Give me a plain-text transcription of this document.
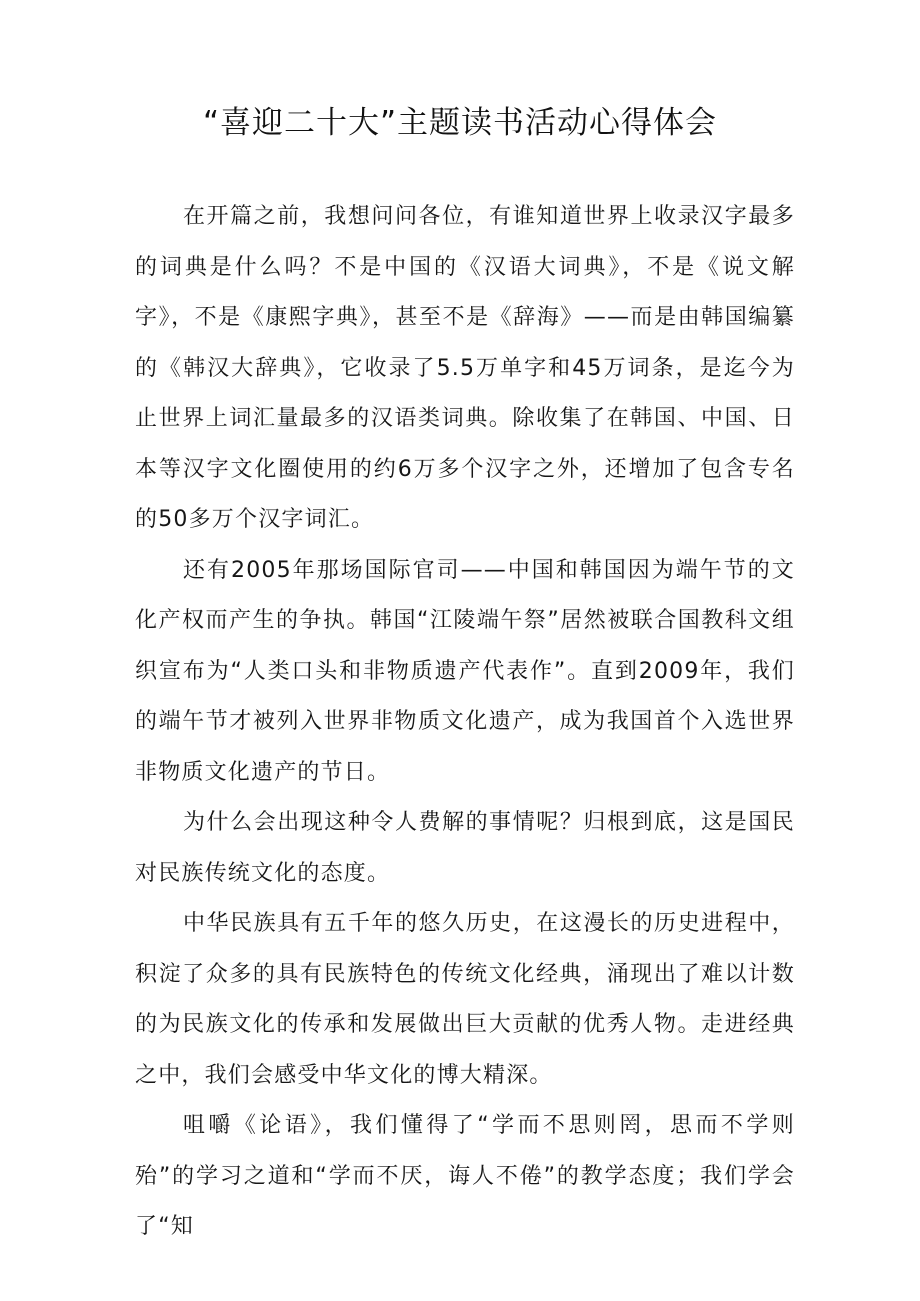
“喜迎二十大”主题读书活动心得体会

在开篇之前，我想问问各位，有谁知道世界上收录汉字最多的词典是什么吗？不是中国的《汉语大词典》，不是《说文解字》，不是《康熙字典》，甚至不是《辞海》——而是由韩国编纂的《韩汉大辞典》，它收录了5.5万单字和45万词条，是迄今为止世界上词汇量最多的汉语类词典。除收集了在韩国、中国、日本等汉字文化圈使用的约6万多个汉字之外，还增加了包含专名的50多万个汉字词汇。

还有2005年那场国际官司——中国和韩国因为端午节的文化产权而产生的争执。韩国“江陵端午祭”居然被联合国教科文组织宣布为“人类口头和非物质遗产代表作”。直到2009年，我们的端午节才被列入世界非物质文化遗产，成为我国首个入选世界非物质文化遗产的节日。

为什么会出现这种令人费解的事情呢？归根到底，这是国民对民族传统文化的态度。

中华民族具有五千年的悠久历史，在这漫长的历史进程中，积淀了众多的具有民族特色的传统文化经典，涌现出了难以计数的为民族文化的传承和发展做出巨大贡献的优秀人物。走进经典之中，我们会感受中华文化的博大精深。

咀嚼《论语》，我们懂得了“学而不思则罔，思而不学则殆”的学习之道和“学而不厌，诲人不倦”的教学态度；我们学会了“知
